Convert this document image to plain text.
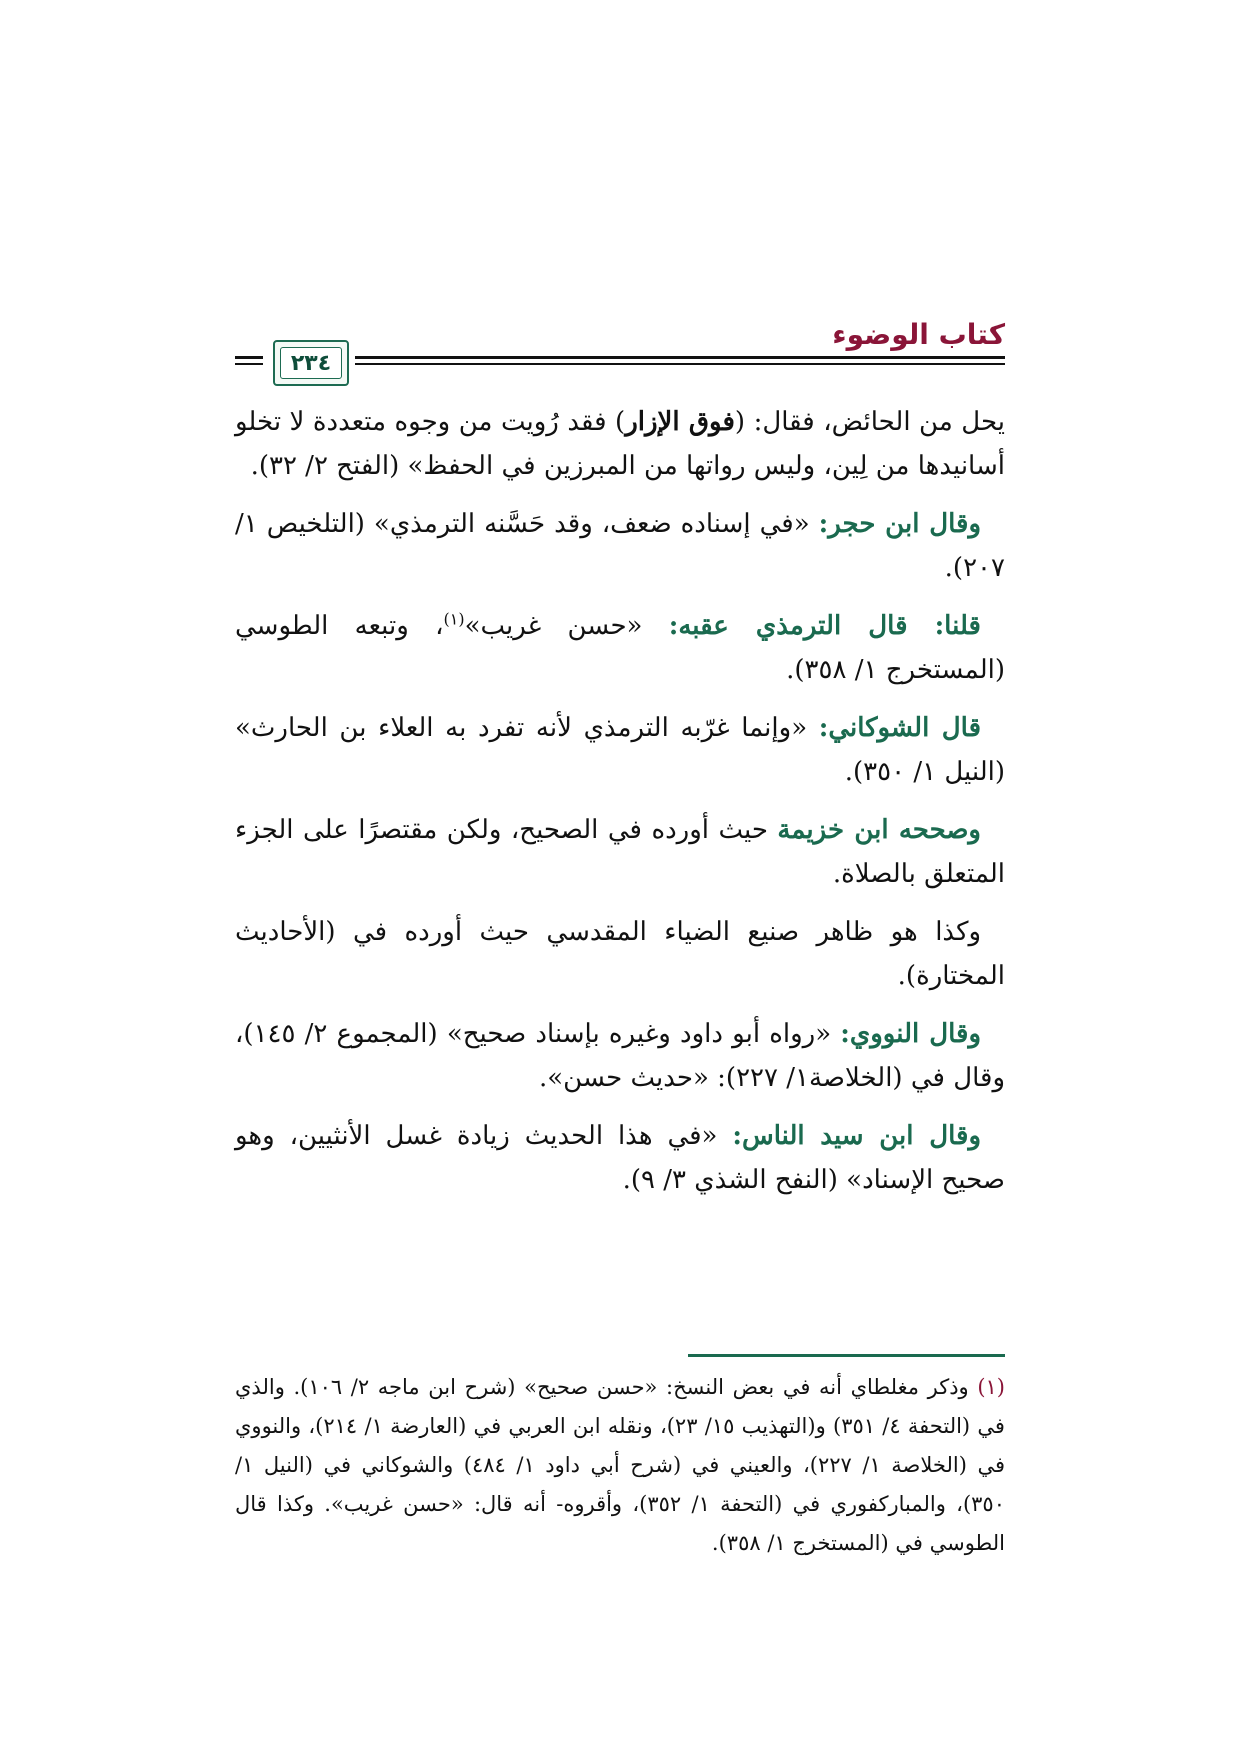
كتاب الوضوء
٢٣٤

يحل من الحائض، فقال: (فوق الإزار) فقد رُويت من وجوه متعددة لا تخلو أسانيدها من لِين، وليس رواتها من المبرزين في الحفظ» (الفتح ٢/ ٣٢).

وقال ابن حجر: «في إسناده ضعف، وقد حَسَّنه الترمذي» (التلخيص ١/ ٢٠٧).

قلنا: قال الترمذي عقبه: «حسن غريب»$^{(١)}$، وتبعه الطوسي (المستخرج ١/ ٣٥٨).

قال الشوكاني: «وإنما غرّبه الترمذي لأنه تفرد به العلاء بن الحارث» (النيل ١/ ٣٥٠).

وصححه ابن خزيمة حيث أورده في الصحيح، ولكن مقتصرًا على الجزء المتعلق بالصلاة.

وكذا هو ظاهر صنيع الضياء المقدسي حيث أورده في (الأحاديث المختارة).

وقال النووي: «رواه أبو داود وغيره بإسناد صحيح» (المجموع ٢/ ١٤٥)، وقال في (الخلاصة١/ ٢٢٧): «حديث حسن».

وقال ابن سيد الناس: «في هذا الحديث زيادة غسل الأنثيين، وهو صحيح الإسناد» (النفح الشذي ٣/ ٩).

(١) وذكر مغلطاي أنه في بعض النسخ: «حسن صحيح» (شرح ابن ماجه ٢/ ١٠٦). والذي في (التحفة ٤/ ٣٥١) و(التهذيب ١٥/ ٢٣)، ونقله ابن العربي في (العارضة ١/ ٢١٤)، والنووي في (الخلاصة ١/ ٢٢٧)، والعيني في (شرح أبي داود ١/ ٤٨٤) والشوكاني في (النيل ١/ ٣٥٠)، والمباركفوري في (التحفة ١/ ٣٥٢)، وأقروه- أنه قال: «حسن غريب». وكذا قال الطوسي في (المستخرج ١/ ٣٥٨).
